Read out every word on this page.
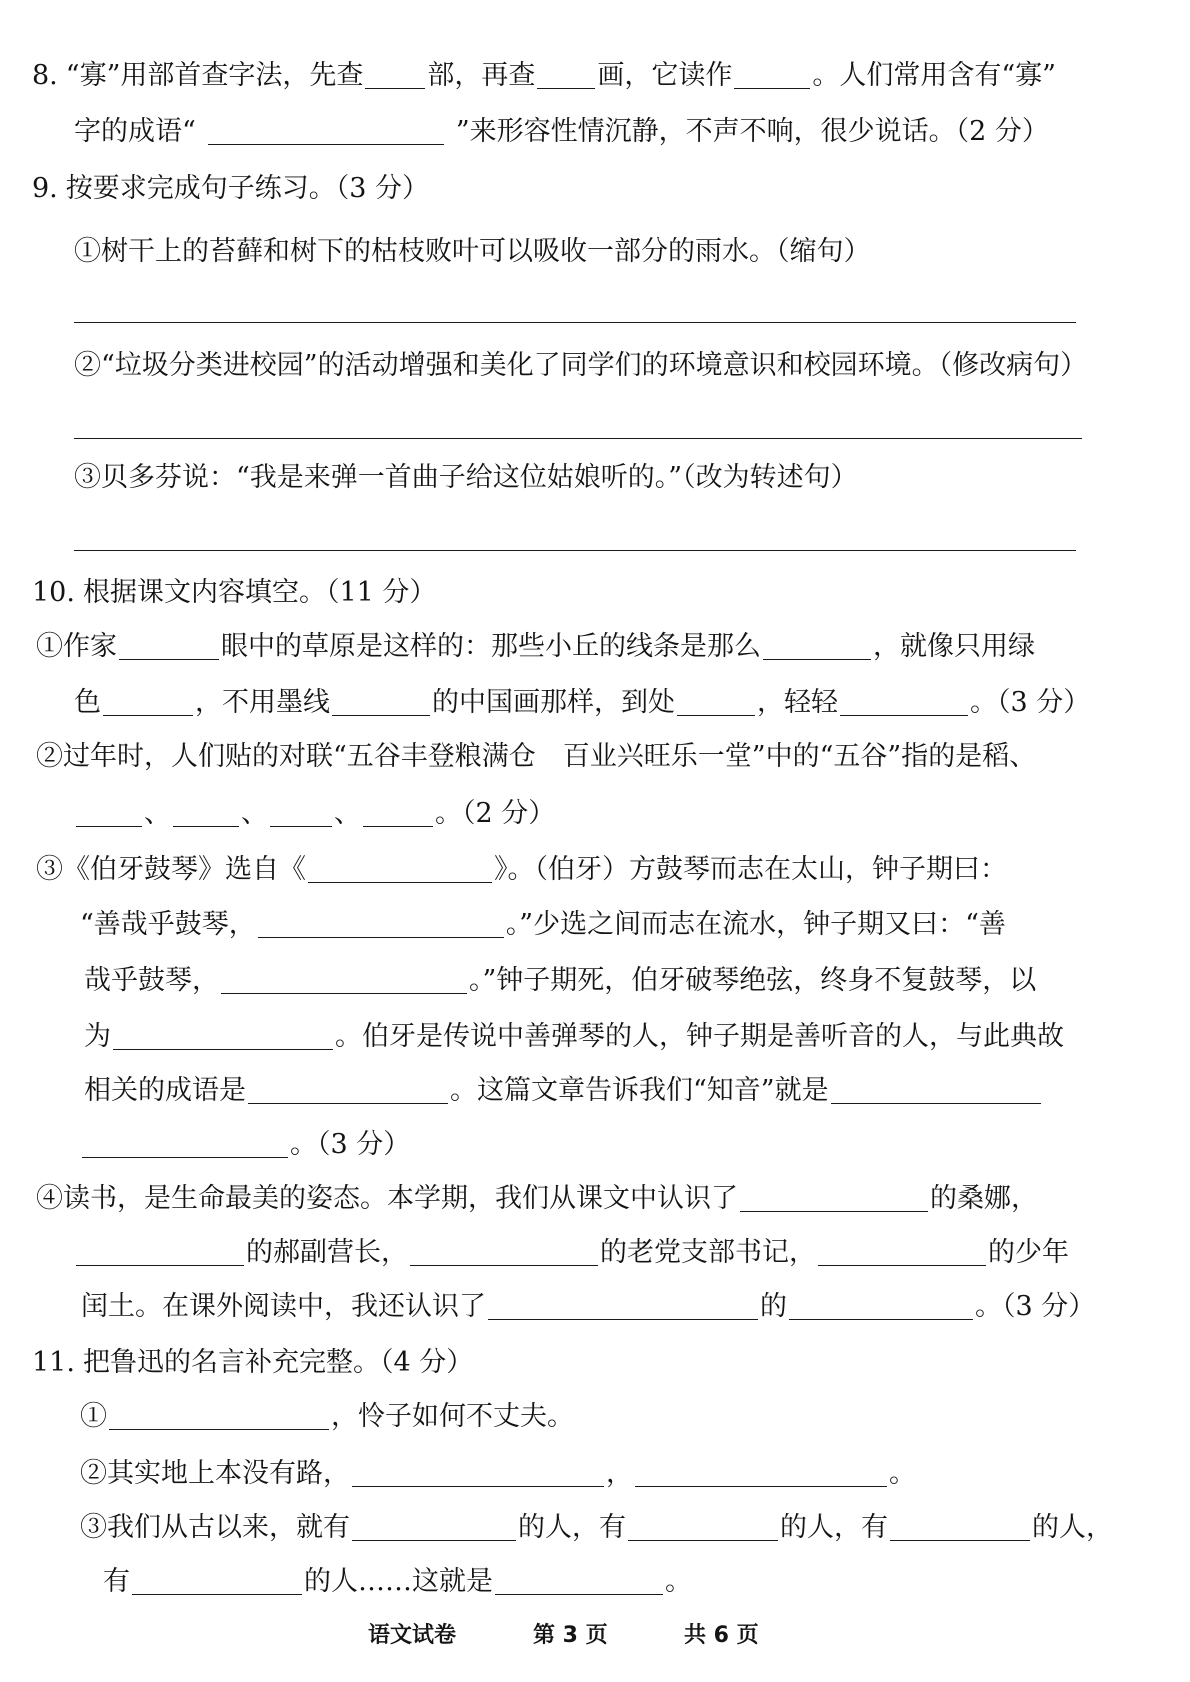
8. “寡”用部首查字法，先查 部，再查 画，它读作	。人们常用含有“寡”
字的成语“	”来形容性情沉静，不声不响，很少说话。（2 分）
9. 按要求完成句子练习。（3 分）
①树干上的苔藓和树下的枯枝败叶可以吸收一部分的雨水。（缩句）
②“垃圾分类进校园”的活动增强和美化了同学们的环境意识和校园环境。（修改病句）
③贝多芬说：“我是来弹一首曲子给这位姑娘听的。”（改为转述句）
10. 根据课文内容填空。（11 分）
①作家	眼中的草原是这样的：那些小丘的线条是那么	，就像只用绿
色	，不用墨线	的中国画那样，到处	，轻轻	。（3 分）
②过年时，人们贴的对联“五谷丰登粮满仓　百业兴旺乐一堂”中的“五谷”指的是稻、
、	、 、	。（2 分）
③《伯牙鼓琴》选自《	》。（伯牙）方鼓琴而志在太山，钟子期曰：
“善哉乎鼓琴，	。”少选之间而志在流水，钟子期又曰：“善
哉乎鼓琴，	。”钟子期死，伯牙破琴绝弦，终身不复鼓琴，以
为	。伯牙是传说中善弹琴的人，钟子期是善听音的人，与此典故
相关的成语是	。这篇文章告诉我们“知音”就是
。（3 分）
④读书，是生命最美的姿态。本学期，我们从课文中认识了	的桑娜，
的郝副营长，	的老党支部书记，	的少年
闰土。在课外阅读中，我还认识了	的	。（3 分）
11. 把鲁迅的名言补充完整。（4 分）
①	，怜子如何不丈夫。
②其实地上本没有路，	，	。
③我们从古以来，就有	的人，有	的人，有	的人，
有	的人……这就是	。
语文试卷	第 3 页	共 6 页
